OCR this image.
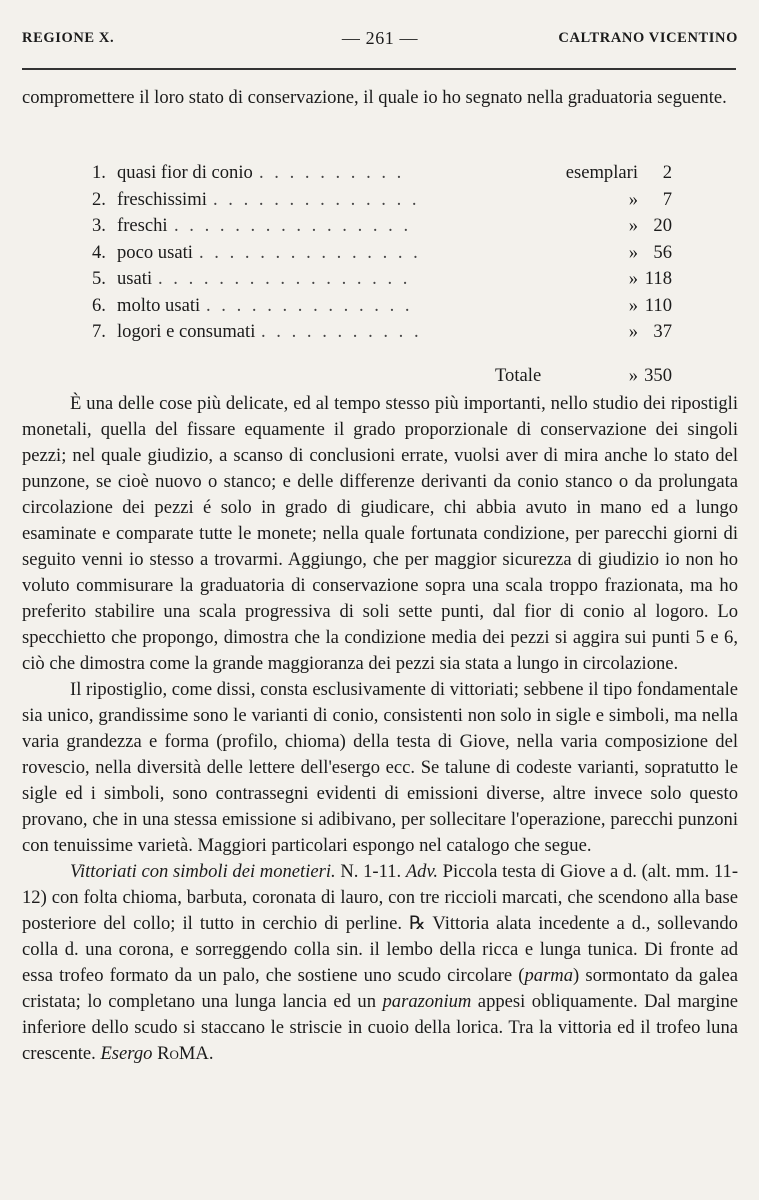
REGIONE X.	— 261 —	CALTRANO VICENTINO

compromettere il loro stato di conservazione, il quale io ho segnato nella graduatoria seguente.

1. quasi fior di conio . . . . . . . . . .	esemplari	2
2. freschissimi . . . . . . . . . . . . . .	»	7
3. freschi . . . . . . . . . . . . . . . .	» 20
4. poco usati . . . . . . . . . . . . . . .	» 56
5. usati . . . . . . . . . . . . . . . . .	» 118
6. molto usati . . . . . . . . . . . . . .	» 110
7. logori e consumati . . . . . . . . . . .	» 37
Totale	» 350

È una delle cose più delicate, ed al tempo stesso più importanti, nello studio dei ripostigli monetali, quella del fissare equamente il grado proporzionale di conservazione dei singoli pezzi; nel quale giudizio, a scanso di conclusioni errate, vuolsi aver di mira anche lo stato del punzone, se cioè nuovo o stanco; e delle differenze derivanti da conio stanco o da prolungata circolazione dei pezzi é solo in grado di giudicare, chi abbia avuto in mano ed a lungo esaminate e comparate tutte le monete; nella quale fortunata condizione, per parecchi giorni di seguito venni io stesso a trovarmi. Aggiungo, che per maggior sicurezza di giudizio io non ho voluto commisurare la graduatoria di conservazione sopra una scala troppo frazionata, ma ho preferito stabilire una scala progressiva di soli sette punti, dal fior di conio al logoro. Lo specchietto che propongo, dimostra che la condizione media dei pezzi si aggira sui punti 5 e 6, ciò che dimostra come la grande maggioranza dei pezzi sia stata a lungo in circolazione.

Il ripostiglio, come dissi, consta esclusivamente di vittoriati; sebbene il tipo fondamentale sia unico, grandissime sono le varianti di conio, consistenti non solo in sigle e simboli, ma nella varia grandezza e forma (profilo, chioma) della testa di Giove, nella varia composizione del rovescio, nella diversità delle lettere dell'esergo ecc. Se talune di codeste varianti, sopratutto le sigle ed i simboli, sono contrassegni evidenti di emissioni diverse, altre invece solo questo provano, che in una stessa emissione si adibivano, per sollecitare l'operazione, parecchi punzoni con tenuissime varietà. Maggiori particolari espongo nel catalogo che segue.

Vittoriati con simboli dei monetieri. N. 1-11. Adv. Piccola testa di Giove a d. (alt. mm. 11-12) con folta chioma, barbuta, coronata di lauro, con tre riccioli marcati, che scendono alla base posteriore del collo; il tutto in cerchio di perline. ℞ Vittoria alata incedente a d., sollevando colla d. una corona, e sorreggendo colla sin. il lembo della ricca e lunga tunica. Di fronte ad essa trofeo formato da un palo, che sostiene uno scudo circolare (parma) sormontato da galea cristata; lo completano una lunga lancia ed un parazonium appesi obliquamente. Dal margine inferiore dello scudo si staccano le striscie in cuoio della lorica. Tra la vittoria ed il trofeo luna crescente. Esergo RoMA.
